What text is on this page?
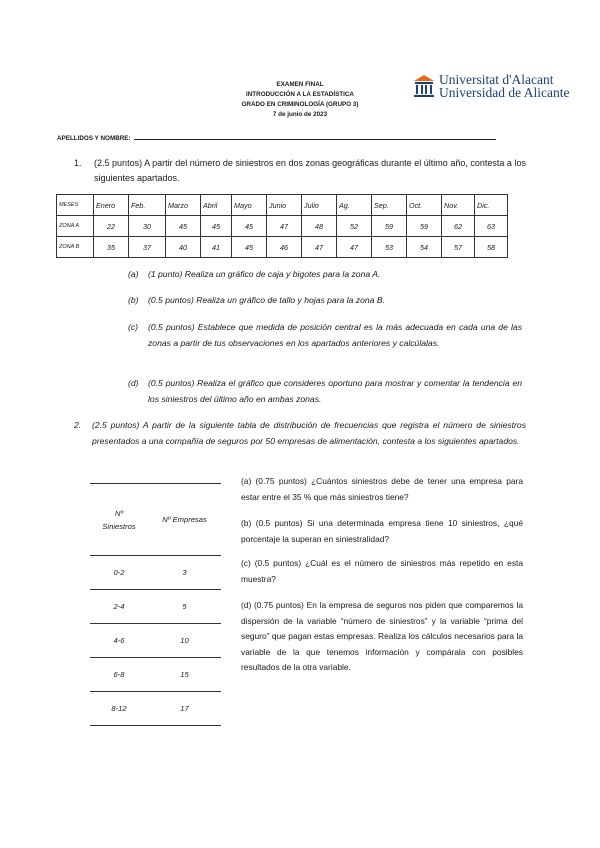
EXAMEN FINAL
INTRODUCCIÓN A LA ESTADÍSTICA
GRADO EN CRIMINOLOGÍA (GRUPO 3)
7 de junio de 2023
Universitat d'Alacant
Universidad de Alicante
APELLIDOS Y NOMBRE:
1. (2.5 puntos) A partir del número de siniestros en dos zonas geográficas durante el último año, contesta a los siguientes apartados.
MESES	Enero	Feb.	Marzo	Abril	Mayo	Junio	Julio	Ag.	Sep.	Oct.	Nov.	Dic.
ZONA A	22	30	45	45	45	47	48	52	59	59	62	63
ZONA B	35	37	40	41	45	46	47	47	53	54	57	58
(a) (1 punto) Realiza un gráfico de caja y bigotes para la zona A.
(b) (0.5 puntos) Realiza un gráfico de tallo y hojas para la zona B.
(c) (0.5 puntos) Establece que medida de posición central es la más adecuada en cada una de las zonas a partir de tus observaciones en los apartados anteriores y calcúlalas.
(d) (0.5 puntos) Realiza el gráfico que consideres oportuno para mostrar y comentar la tendencia en los siniestros del último año en ambas zonas.
2. (2.5 puntos) A partir de la siguiente tabla de distribución de frecuencias que registra el número de siniestros presentados a una compañía de seguros por 50 empresas de alimentación, contesta a los siguientes apartados.
Nº
Siniestros	Nº Empresas
0-2	3
2-4	5
4-6	10
6-8	15
8-12	17
(a) (0.75 puntos) ¿Cuántos siniestros debe de tener una empresa para estar entre el 35 % que más siniestros tiene?
(b) (0.5 puntos) Si una determinada empresa tiene 10 siniestros, ¿qué porcentaje la superan en siniestralidad?
(c) (0.5 puntos) ¿Cuál es el número de siniestros más repetido en esta muestra?
(d) (0.75 puntos) En la empresa de seguros nos piden que comparemos la dispersión de la variable “número de siniestros” y la variable “prima del seguro” que pagan estas empresas. Realiza los cálculos necesarios para la variable de la que tenemos información y compárala con posibles resultados de la otra variable.
